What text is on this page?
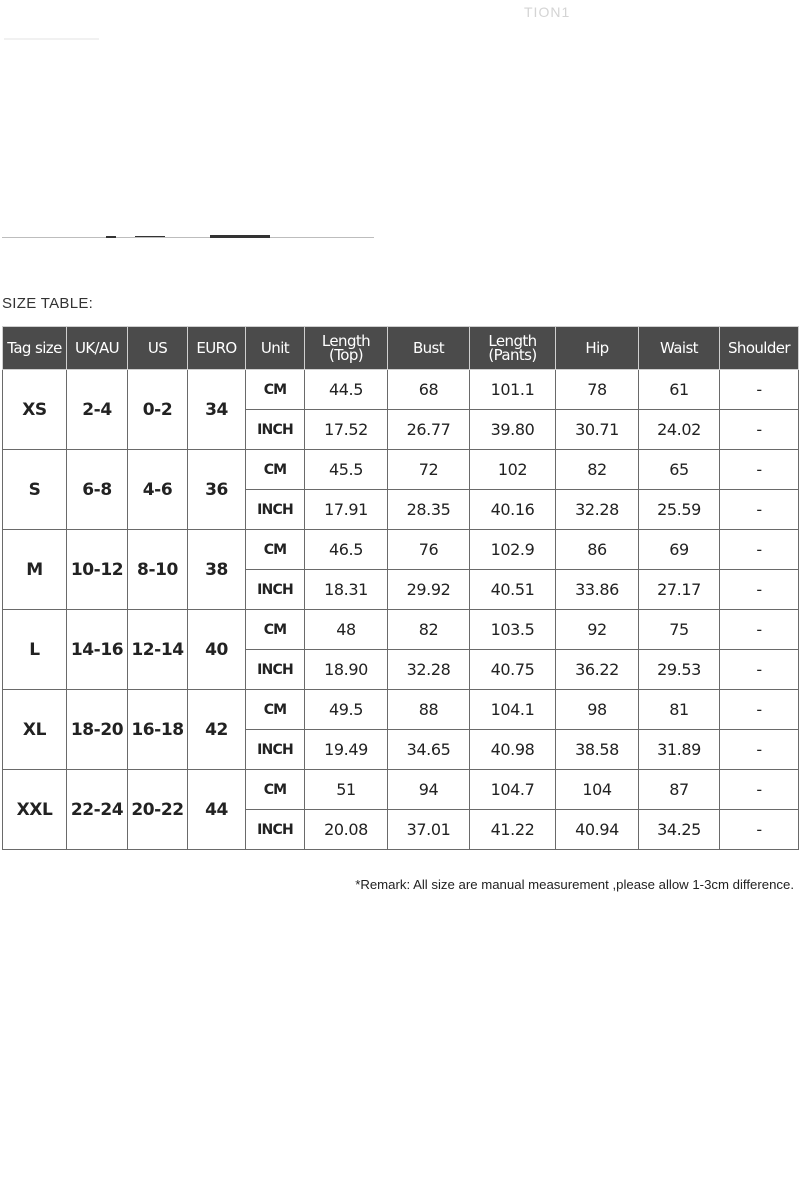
TION1
SIZE TABLE:
Tag size	UK/AU	US	EURO	Unit	Length (Top)	Bust	Length (Pants)	Hip	Waist	Shoulder
XS	2-4	0-2	34	CM	44.5	68	101.1	78	61	-
				INCH	17.52	26.77	39.80	30.71	24.02	-
S	6-8	4-6	36	CM	45.5	72	102	82	65	-
				INCH	17.91	28.35	40.16	32.28	25.59	-
M	10-12	8-10	38	CM	46.5	76	102.9	86	69	-
				INCH	18.31	29.92	40.51	33.86	27.17	-
L	14-16	12-14	40	CM	48	82	103.5	92	75	-
				INCH	18.90	32.28	40.75	36.22	29.53	-
XL	18-20	16-18	42	CM	49.5	88	104.1	98	81	-
				INCH	19.49	34.65	40.98	38.58	31.89	-
XXL	22-24	20-22	44	CM	51	94	104.7	104	87	-
				INCH	20.08	37.01	41.22	40.94	34.25	-
*Remark: All size are manual measurement ,please allow 1-3cm difference.
